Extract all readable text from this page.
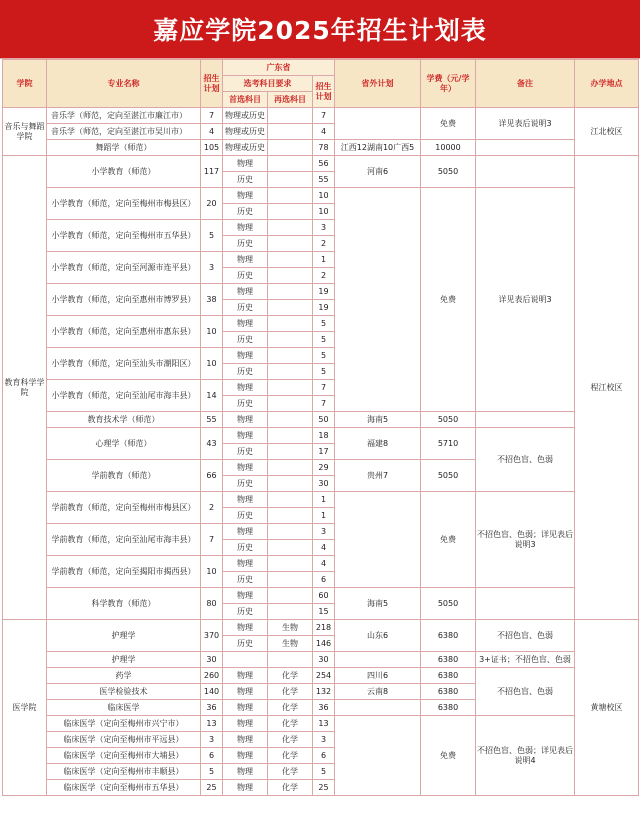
嘉应学院2025年招生计划表
学院	专业名称	招生计划	广东省			省外计划	学费（元/学年）	备注	办学地点
			选考科目要求		招生计划				
			首选科目	再选科目					
音乐与舞蹈学院	音乐学（师范，定向至湛江市廉江市）	7	物理或历史		7		免费	详见表后说明3	江北校区
	音乐学（师范，定向至湛江市吴川市）	4	物理或历史		4				
	舞蹈学（师范）	105	物理或历史		78	江西12湖南10广西5	10000		
教育科学学院	小学教育（师范）	117	物理		56	河南6	5050		程江校区
			历史		55				
	小学教育（师范，定向至梅州市梅县区）	20	物理		10		免费	详见表后说明3	
			历史		10				
	小学教育（师范，定向至梅州市五华县）	5	物理		3				
			历史		2				
	小学教育（师范，定向至河源市连平县）	3	物理		1				
			历史		2				
	小学教育（师范，定向至惠州市博罗县）	38	物理		19				
			历史		19				
	小学教育（师范，定向至惠州市惠东县）	10	物理		5				
			历史		5				
	小学教育（师范，定向至汕头市潮阳区）	10	物理		5				
			历史		5				
	小学教育（师范，定向至汕尾市海丰县）	14	物理		7				
			历史		7				
	教育技术学（师范）	55	物理		50	海南5	5050		
	心理学（师范）	43	物理		18	福建8	5710	不招色盲、色弱	
			历史		17				
	学前教育（师范）	66	物理		29	贵州7	5050		
			历史		30				
	学前教育（师范，定向至梅州市梅县区）	2	物理		1		免费	不招色盲、色弱；详见表后说明3	
			历史		1				
	学前教育（师范，定向至汕尾市海丰县）	7	物理		3				
			历史		4				
	学前教育（师范，定向至揭阳市揭西县）	10	物理		4				
			历史		6				
	科学教育（师范）	80	物理		60	海南5	5050		
			历史		15				
医学院	护理学	370	物理	生物	218	山东6	6380	不招色盲、色弱	黄塘校区
			历史	生物	146				
	护理学	30			30		6380	3+证书；不招色盲、色弱	
	药学	260	物理	化学	254	四川6	6380	不招色盲、色弱	
	医学检验技术	140	物理	化学	132	云南8	6380		
	临床医学	36	物理	化学	36		6380		
	临床医学（定向至梅州市兴宁市）	13	物理	化学	13		免费	不招色盲、色弱；详见表后说明4	
	临床医学（定向至梅州市平远县）	3	物理	化学	3				
	临床医学（定向至梅州市大埔县）	6	物理	化学	6				
	临床医学（定向至梅州市丰顺县）	5	物理	化学	5				
	临床医学（定向至梅州市五华县）	25	物理	化学	25				
